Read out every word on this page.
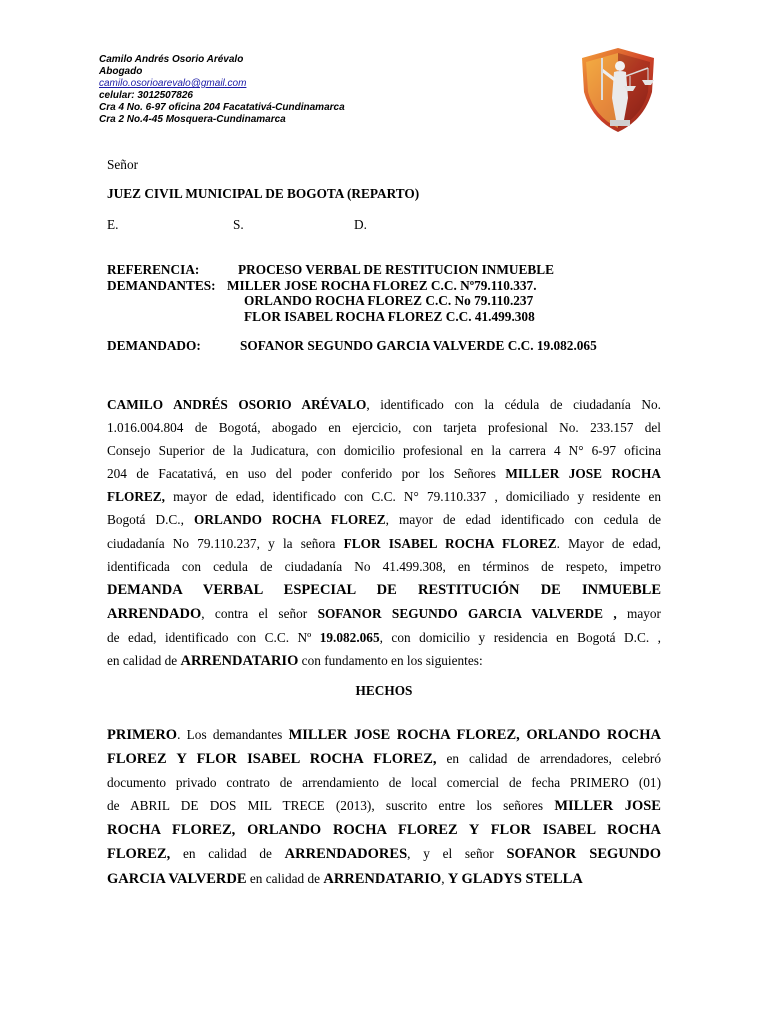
Camilo Andrés Osorio Arévalo
Abogado
camilo.osorioarevalo@gmail.com
celular: 3012507826
Cra 4 No. 6-97 oficina 204 Facatativá-Cundinamarca
Cra 2 No.4-45 Mosquera-Cundinamarca
Señor
JUEZ CIVIL MUNICIPAL DE BOGOTA (REPARTO)
E.	S.	D.
REFERENCIA:	PROCESO VERBAL DE RESTITUCION INMUEBLE
DEMANDANTES: MILLER JOSE ROCHA FLOREZ C.C. Nº79.110.337.
ORLANDO ROCHA FLOREZ C.C. No 79.110.237
FLOR ISABEL ROCHA FLOREZ C.C. 41.499.308
DEMANDADO:	SOFANOR SEGUNDO GARCIA VALVERDE C.C. 19.082.065
CAMILO ANDRÉS OSORIO ARÉVALO, identificado con la cédula de ciudadanía No.
1.016.004.804 de Bogotá, abogado en ejercicio, con tarjeta profesional No. 233.157 del
Consejo Superior de la Judicatura, con domicilio profesional en la carrera 4 N° 6-97 oficina
204 de Facatativá, en uso del poder conferido por los Señores MILLER JOSE ROCHA
FLOREZ, mayor de edad, identificado con C.C. N° 79.110.337 , domiciliado y residente en
Bogotá D.C., ORLANDO ROCHA FLOREZ, mayor de edad identificado con cedula de
ciudadanía No 79.110.237, y la señora FLOR ISABEL ROCHA FLOREZ. Mayor de edad,
identificada con cedula de ciudadanía No 41.499.308, en términos de respeto, impetro
DEMANDA VERBAL ESPECIAL DE RESTITUCIÓN DE INMUEBLE
ARRENDADO, contra el señor SOFANOR SEGUNDO GARCIA VALVERDE , mayor
de edad, identificado con C.C. Nº 19.082.065, con domicilio y residencia en Bogotá D.C. ,
en calidad de ARRENDATARIO con fundamento en los siguientes:
HECHOS
PRIMERO. Los demandantes MILLER JOSE ROCHA FLOREZ, ORLANDO ROCHA
FLOREZ Y FLOR ISABEL ROCHA FLOREZ, en calidad de arrendadores, celebró
documento privado contrato de arrendamiento de local comercial de fecha PRIMERO (01)
de ABRIL DE DOS MIL TRECE (2013), suscrito entre los señores MILLER JOSE
ROCHA FLOREZ, ORLANDO ROCHA FLOREZ Y FLOR ISABEL ROCHA
FLOREZ, en calidad de ARRENDADORES, y el señor SOFANOR SEGUNDO
GARCIA VALVERDE en calidad de ARRENDATARIO, Y GLADYS STELLA
